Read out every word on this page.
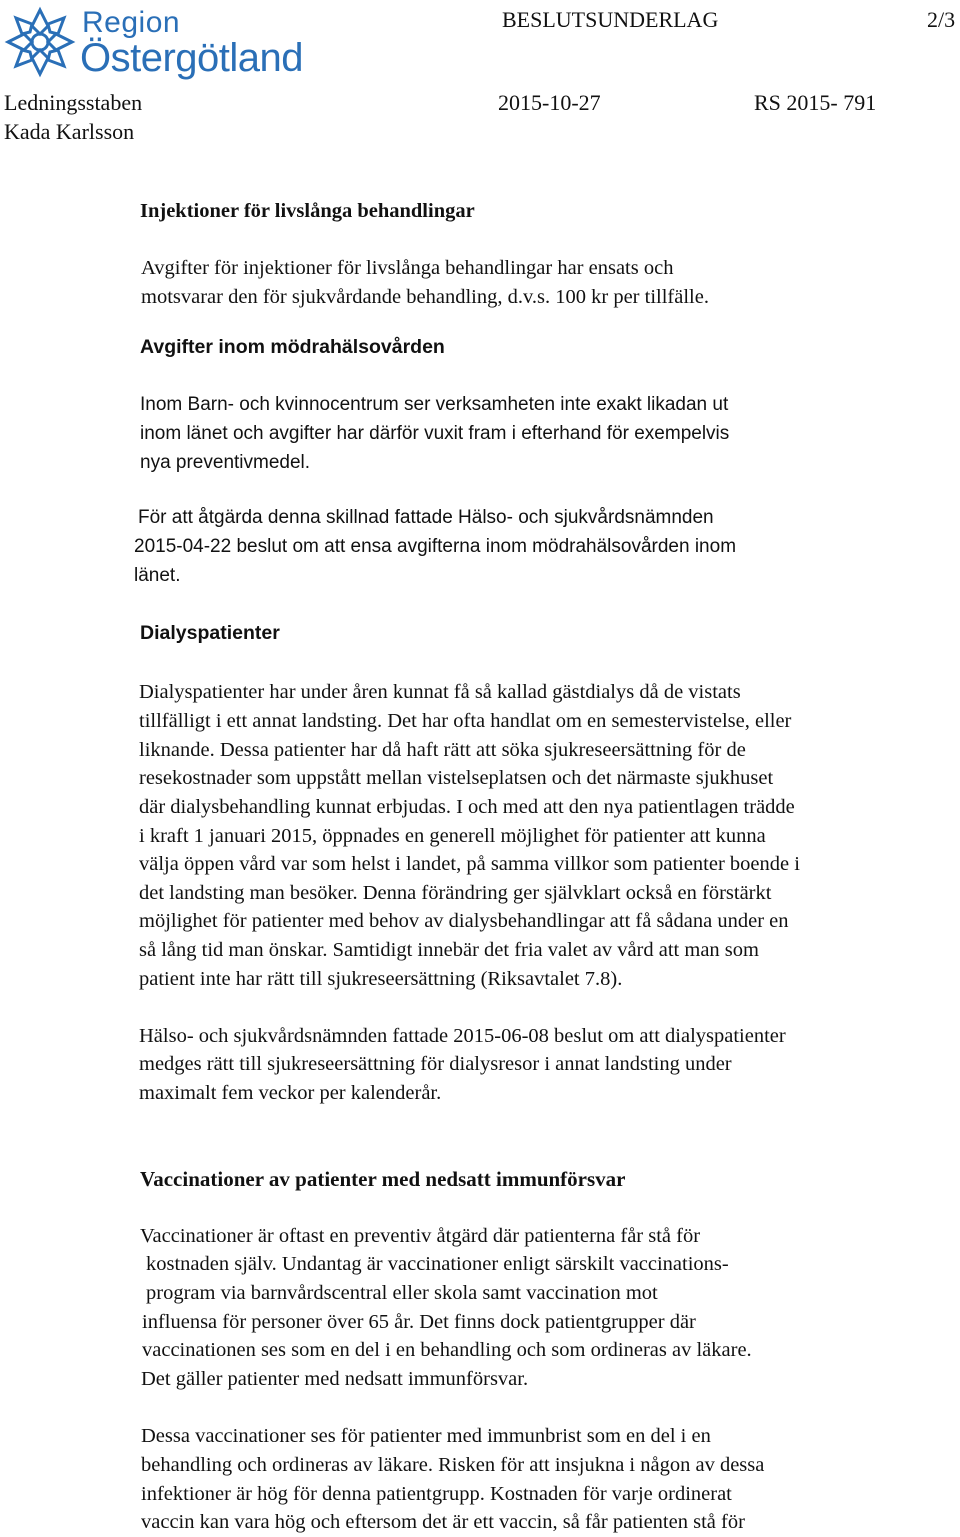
Region
Östergötland
BESLUTSUNDERLAG	2/3
Ledningsstaben	2015-10-27	RS 2015- 791
Kada Karlsson
Injektioner för livslånga behandlingar
Avgifter för injektioner för livslånga behandlingar har ensats och
motsvarar den för sjukvårdande behandling, d.v.s. 100 kr per tillfälle.
Avgifter inom mödrahälsovården
Inom Barn- och kvinnocentrum ser verksamheten inte exakt likadan ut
inom länet och avgifter har därför vuxit fram i efterhand för exempelvis
nya preventivmedel.
För att åtgärda denna skillnad fattade Hälso- och sjukvårdsnämnden
2015-04-22 beslut om att ensa avgifterna inom mödrahälsovården inom
länet.
Dialyspatienter
Dialyspatienter har under åren kunnat få så kallad gästdialys då de vistats
tillfälligt i ett annat landsting. Det har ofta handlat om en semestervistelse, eller
liknande. Dessa patienter har då haft rätt att söka sjukreseersättning för de
resekostnader som uppstått mellan vistelseplatsen och det närmaste sjukhuset
där dialysbehandling kunnat erbjudas. I och med att den nya patientlagen trädde
i kraft 1 januari 2015, öppnades en generell möjlighet för patienter att kunna
välja öppen vård var som helst i landet, på samma villkor som patienter boende i
det landsting man besöker. Denna förändring ger självklart också en förstärkt
möjlighet för patienter med behov av dialysbehandlingar att få sådana under en
så lång tid man önskar. Samtidigt innebär det fria valet av vård att man som
patient inte har rätt till sjukreseersättning (Riksavtalet 7.8).
Hälso- och sjukvårdsnämnden fattade 2015-06-08 beslut om att dialyspatienter
medges rätt till sjukreseersättning för dialysresor i annat landsting under
maximalt fem veckor per kalenderår.
Vaccinationer av patienter med nedsatt immunförsvar
Vaccinationer är oftast en preventiv åtgärd där patienterna får stå för
kostnaden själv. Undantag är vaccinationer enligt särskilt vaccinations-
program via barnvårdscentral eller skola samt vaccination mot
influensa för personer över 65 år. Det finns dock patientgrupper där
vaccinationen ses som en del i en behandling och som ordineras av läkare.
Det gäller patienter med nedsatt immunförsvar.
Dessa vaccinationer ses för patienter med immunbrist som en del i en
behandling och ordineras av läkare. Risken för att insjukna i någon av dessa
infektioner är hög för denna patientgrupp. Kostnaden för varje ordinerat
vaccin kan vara hög och eftersom det är ett vaccin, så får patienten stå för
